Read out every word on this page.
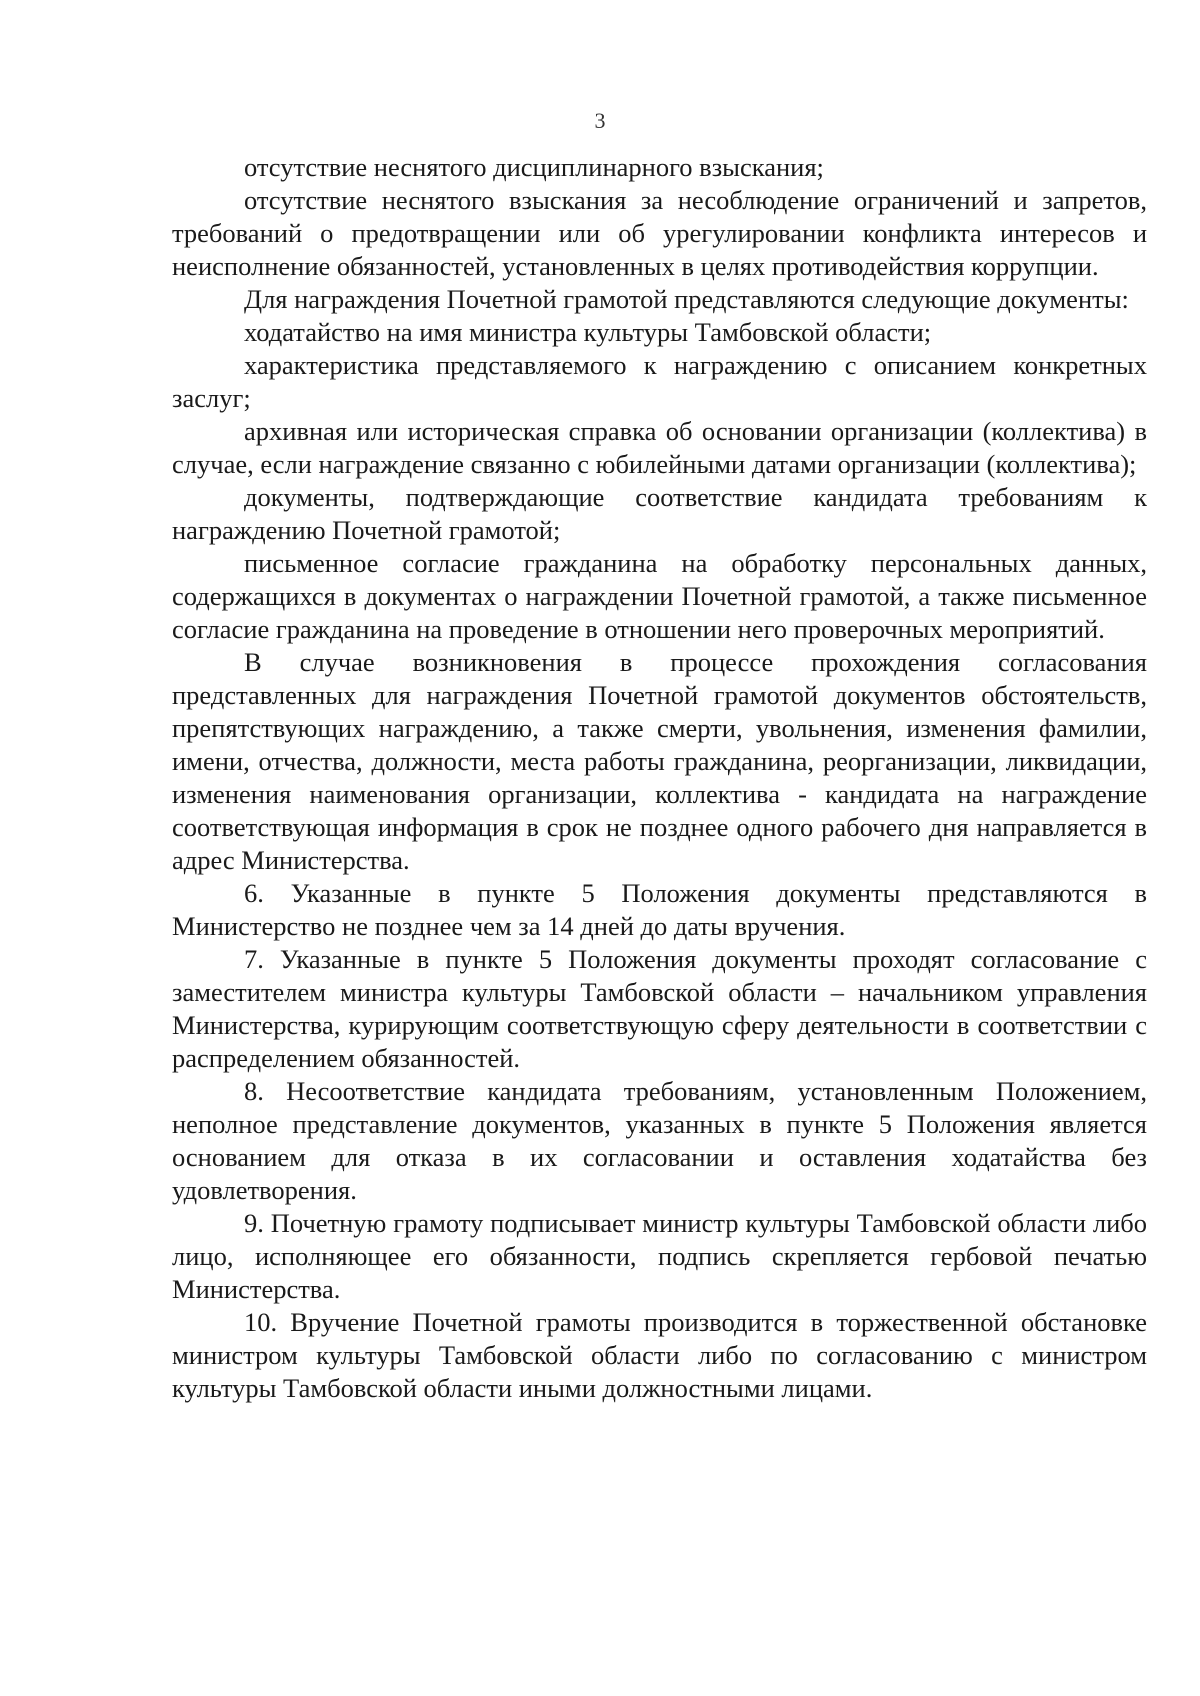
3

отсутствие неснятого дисциплинарного взыскания;

отсутствие неснятого взыскания за несоблюдение ограничений и запретов, требований о предотвращении или об урегулировании конфликта интересов и неисполнение обязанностей, установленных в целях противодействия коррупции.

Для награждения Почетной грамотой представляются следующие документы:

ходатайство на имя министра культуры Тамбовской области;

характеристика представляемого к награждению с описанием конкретных заслуг;

архивная или историческая справка об основании организации (коллектива) в случае, если награждение связанно с юбилейными датами организации (коллектива);

документы, подтверждающие соответствие кандидата требованиям к награждению Почетной грамотой;

письменное согласие гражданина на обработку персональных данных, содержащихся в документах о награждении Почетной грамотой, а также письменное согласие гражданина на проведение в отношении него проверочных мероприятий.

В случае возникновения в процессе прохождения согласования представленных для награждения Почетной грамотой документов обстоятельств, препятствующих награждению, а также смерти, увольнения, изменения фамилии, имени, отчества, должности, места работы гражданина, реорганизации, ликвидации, изменения наименования организации, коллектива - кандидата на награждение соответствующая информация в срок не позднее одного рабочего дня направляется в адрес Министерства.

6. Указанные в пункте 5 Положения документы представляются в Министерство не позднее чем за 14 дней до даты вручения.

7. Указанные в пункте 5 Положения документы проходят согласование с заместителем министра культуры Тамбовской области – начальником управления Министерства, курирующим соответствующую сферу деятельности в соответствии с распределением обязанностей.

8. Несоответствие кандидата требованиям, установленным Положением, неполное представление документов, указанных в пункте 5 Положения является основанием для отказа в их согласовании и оставления ходатайства без удовлетворения.

9. Почетную грамоту подписывает министр культуры Тамбовской области либо лицо, исполняющее его обязанности, подпись скрепляется гербовой печатью Министерства.

10. Вручение Почетной грамоты производится в торжественной обстановке министром культуры Тамбовской области либо по согласованию с министром культуры Тамбовской области иными должностными лицами.
